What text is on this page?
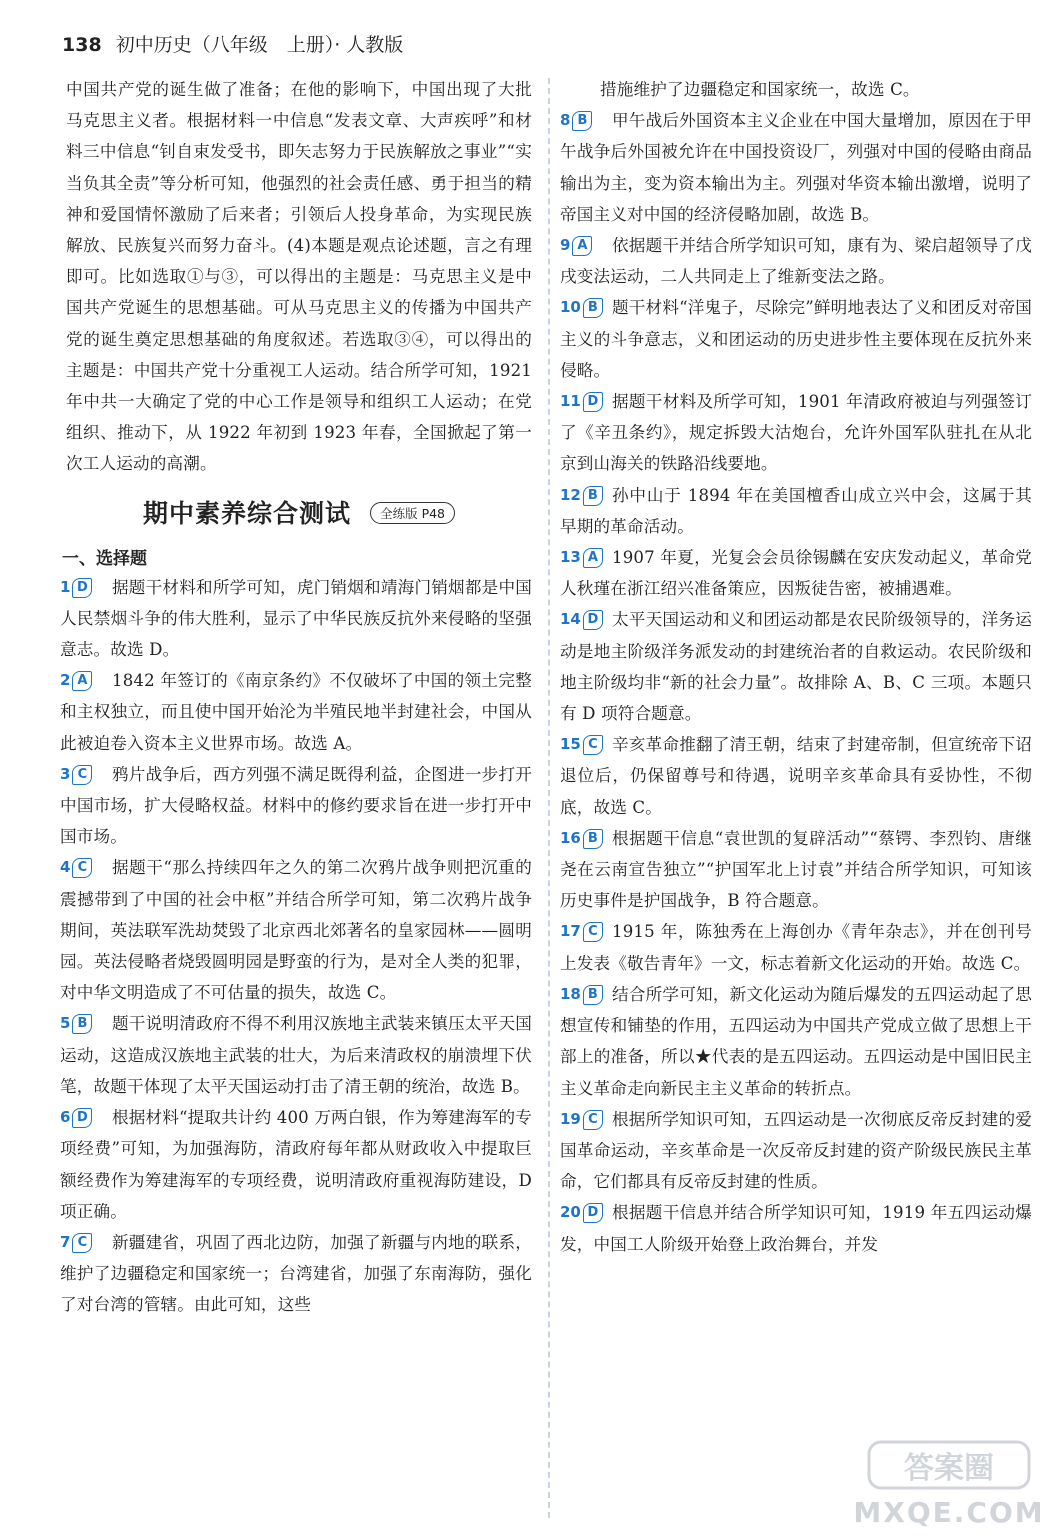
138 初中历史（八年级　上册）· 人教版

中国共产党的诞生做了准备；在他的影响下，中国出现了大批马克思主义者。根据材料一中信息“发表文章、大声疾呼”和材料三中信息“钊自束发受书，即矢志努力于民族解放之事业”“实当负其全责”等分析可知，他强烈的社会责任感、勇于担当的精神和爱国情怀激励了后来者；引领后人投身革命，为实现民族解放、民族复兴而努力奋斗。(4)本题是观点论述题，言之有理即可。比如选取①与③，可以得出的主题是：马克思主义是中国共产党诞生的思想基础。可从马克思主义的传播为中国共产党的诞生奠定思想基础的角度叙述。若选取③④，可以得出的主题是：中国共产党十分重视工人运动。结合所学可知，1921 年中共一大确定了党的中心工作是领导和组织工人运动；在党组织、推动下，从 1922 年初到 1923 年春，全国掀起了第一次工人运动的高潮。

期中素养综合测试 全练版 P48
一、选择题
1 D	据题干材料和所学可知，虎门销烟和靖海门销烟都是中国人民禁烟斗争的伟大胜利，显示了中华民族反抗外来侵略的坚强意志。故选 D。

2 A	1842 年签订的《南京条约》不仅破坏了中国的领土完整和主权独立，而且使中国开始沦为半殖民地半封建社会，中国从此被迫卷入资本主义世界市场。故选 A。

3 C	鸦片战争后，西方列强不满足既得利益，企图进一步打开中国市场，扩大侵略权益。材料中的修约要求旨在进一步打开中国市场。

4 C	据题干“那么持续四年之久的第二次鸦片战争则把沉重的震撼带到了中国的社会中枢”并结合所学可知，第二次鸦片战争期间，英法联军洗劫焚毁了北京西北郊著名的皇家园林——圆明园。英法侵略者烧毁圆明园是野蛮的行为，是对全人类的犯罪，对中华文明造成了不可估量的损失，故选 C。

5 B	题干说明清政府不得不利用汉族地主武装来镇压太平天国运动，这造成汉族地主武装的壮大，为后来清政权的崩溃埋下伏笔，故题干体现了太平天国运动打击了清王朝的统治，故选 B。

6 D	根据材料“提取共计约 400 万两白银，作为筹建海军的专项经费”可知，为加强海防，清政府每年都从财政收入中提取巨额经费作为筹建海军的专项经费，说明清政府重视海防建设，D 项正确。

7 C	新疆建省，巩固了西北边防，加强了新疆与内地的联系，维护了边疆稳定和国家统一；台湾建省，加强了东南海防，强化了对台湾的管辖。由此可知，这些

措施维护了边疆稳定和国家统一，故选 C。

8 B	甲午战后外国资本主义企业在中国大量增加，原因在于甲午战争后外国被允许在中国投资设厂，列强对中国的侵略由商品输出为主，变为资本输出为主。列强对华资本输出激增，说明了帝国主义对中国的经济侵略加剧，故选 B。

9 A	依据题干并结合所学知识可知，康有为、梁启超领导了戊戌变法运动，二人共同走上了维新变法之路。

10 B 题干材料“洋鬼子，尽除完”鲜明地表达了义和团反对帝国主义的斗争意志，义和团运动的历史进步性主要体现在反抗外来侵略。

11 D 据题干材料及所学可知，1901 年清政府被迫与列强签订了《辛丑条约》，规定拆毁大沽炮台，允许外国军队驻扎在从北京到山海关的铁路沿线要地。

12 B 孙中山于 1894 年在美国檀香山成立兴中会，这属于其早期的革命活动。

13 A 1907 年夏，光复会会员徐锡麟在安庆发动起义，革命党人秋瑾在浙江绍兴准备策应，因叛徒告密，被捕遇难。

14 D 太平天国运动和义和团运动都是农民阶级领导的，洋务运动是地主阶级洋务派发动的封建统治者的自救运动。农民阶级和地主阶级均非“新的社会力量”。故排除 A、B、C 三项。本题只有 D 项符合题意。

15 C 辛亥革命推翻了清王朝，结束了封建帝制，但宣统帝下诏退位后，仍保留尊号和待遇，说明辛亥革命具有妥协性，不彻底，故选 C。

16 B 根据题干信息“袁世凯的复辟活动”“蔡锷、李烈钧、唐继尧在云南宣告独立”“护国军北上讨袁”并结合所学知识，可知该历史事件是护国战争，B 符合题意。

17 C 1915 年，陈独秀在上海创办《青年杂志》，并在创刊号上发表《敬告青年》一文，标志着新文化运动的开始。故选 C。

18 B 结合所学可知，新文化运动为随后爆发的五四运动起了思想宣传和铺垫的作用，五四运动为中国共产党成立做了思想上干部上的准备，所以★代表的是五四运动。五四运动是中国旧民主主义革命走向新民主主义革命的转折点。

19 C 根据所学知识可知，五四运动是一次彻底反帝反封建的爱国革命运动，辛亥革命是一次反帝反封建的资产阶级民族民主革命，它们都具有反帝反封建的性质。

20 D 根据题干信息并结合所学知识可知，1919 年五四运动爆发，中国工人阶级开始登上政治舞台，并发

答案圈
MXQE.COM
